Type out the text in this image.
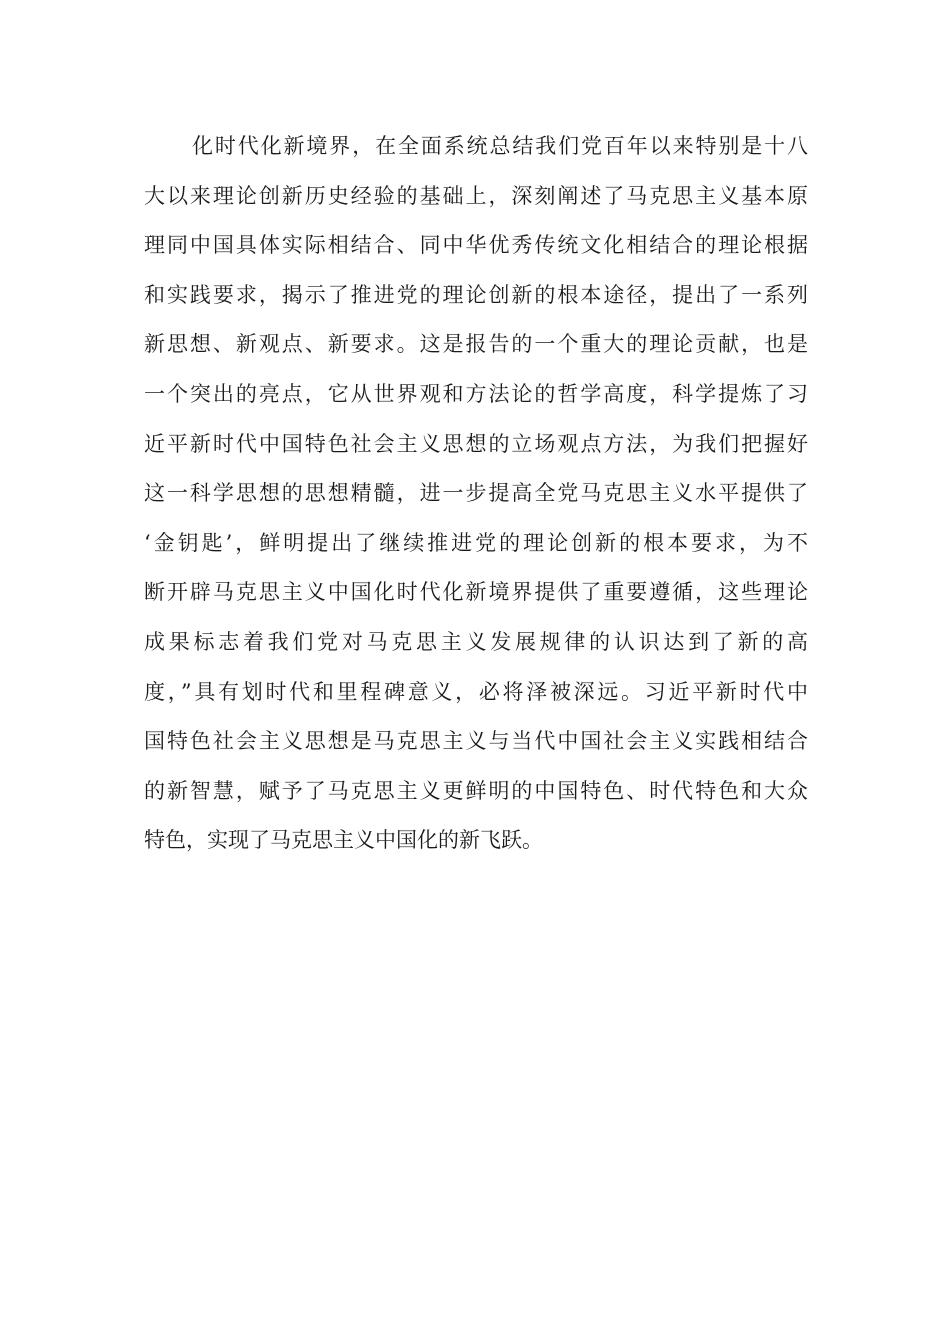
化时代化新境界，在全面系统总结我们党百年以来特别是十八
大以来理论创新历史经验的基础上，深刻阐述了马克思主义基本原
理同中国具体实际相结合、同中华优秀传统文化相结合的理论根据
和实践要求，揭示了推进党的理论创新的根本途径，提出了一系列
新思想、新观点、新要求。这是报告的一个重大的理论贡献，也是
一个突出的亮点，它从世界观和方法论的哲学高度，科学提炼了习
近平新时代中国特色社会主义思想的立场观点方法，为我们把握好
这一科学思想的思想精髓，进一步提高全党马克思主义水平提供了
‘金钥匙’，鲜明提出了继续推进党的理论创新的根本要求，为不
断开辟马克思主义中国化时代化新境界提供了重要遵循，这些理论
成果标志着我们党对马克思主义发展规律的认识达到了新的高
度，”具有划时代和里程碑意义，必将泽被深远。习近平新时代中
国特色社会主义思想是马克思主义与当代中国社会主义实践相结合
的新智慧，赋予了马克思主义更鲜明的中国特色、时代特色和大众
特色，实现了马克思主义中国化的新飞跃。
